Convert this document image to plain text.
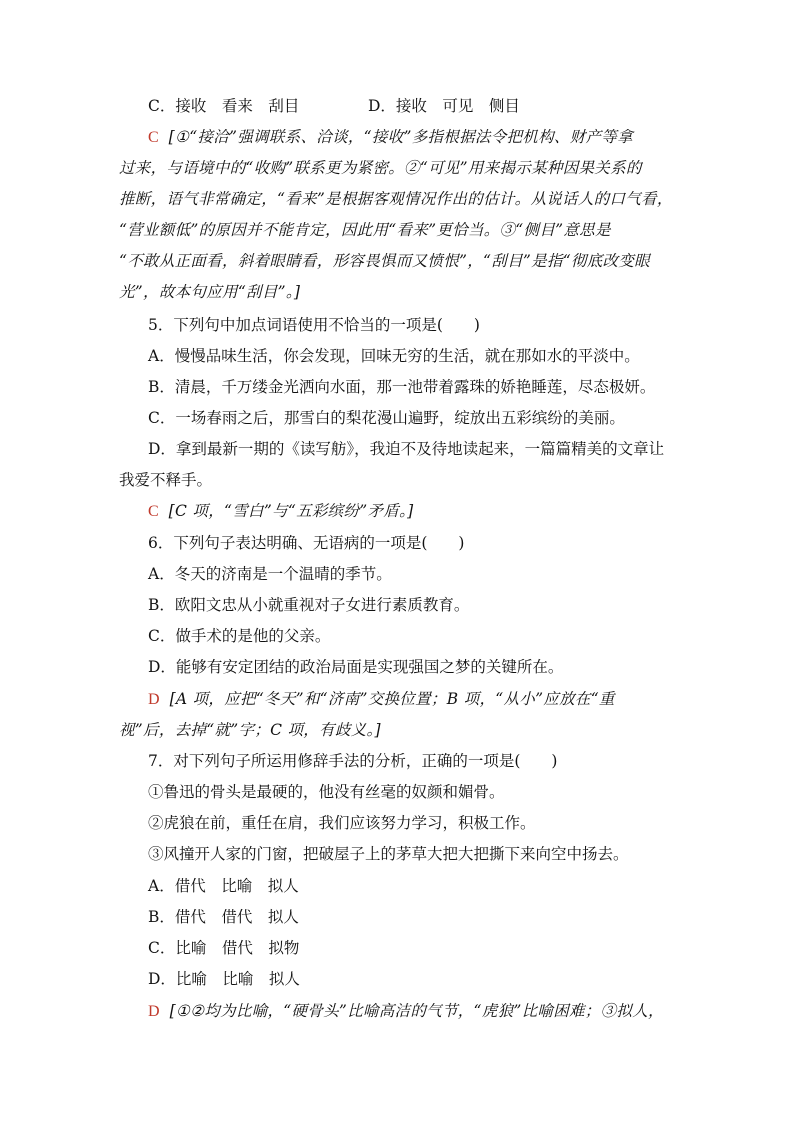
C．接收　看来　刮目	D．接收　可见　侧目
C [①“接洽”强调联系、洽谈，“接收”多指根据法令把机构、财产等拿
过来，与语境中的“收购”联系更为紧密。②“可见”用来揭示某种因果关系的
推断，语气非常确定，“看来”是根据客观情况作出的估计。从说话人的口气看，
“营业额低”的原因并不能肯定，因此用“看来”更恰当。③“侧目”意思是
“不敢从正面看，斜着眼睛看，形容畏惧而又愤恨”，“刮目”是指“彻底改变眼
光”，故本句应用“刮目”。]
5．下列句中加点词语使用不恰当的一项是(　　)
A．慢慢品味生活，你会发现，回味无穷的生活，就在那如水的平淡中。
B．清晨，千万缕金光洒向水面，那一池带着露珠的娇艳睡莲，尽态极妍。
C．一场春雨之后，那雪白的梨花漫山遍野，绽放出五彩缤纷的美丽。
D．拿到最新一期的《读写舫》，我迫不及待地读起来，一篇篇精美的文章让
我爱不释手。
C [C 项，“雪白”与“五彩缤纷”矛盾。]
6．下列句子表达明确、无语病的一项是(　　)
A．冬天的济南是一个温晴的季节。
B．欧阳文忠从小就重视对子女进行素质教育。
C．做手术的是他的父亲。
D．能够有安定团结的政治局面是实现强国之梦的关键所在。
D [A 项，应把“冬天”和“济南”交换位置；B 项，“从小”应放在“重
视”后，去掉“就”字；C 项，有歧义。]
7．对下列句子所运用修辞手法的分析，正确的一项是(　　)
①鲁迅的骨头是最硬的，他没有丝毫的奴颜和媚骨。
②虎狼在前，重任在肩，我们应该努力学习，积极工作。
③风撞开人家的门窗，把破屋子上的茅草大把大把撕下来向空中扬去。
A．借代　比喻　拟人
B．借代　借代　拟人
C．比喻　借代　拟物
D．比喻　比喻　拟人
D [①②均为比喻，“硬骨头”比喻高洁的气节，“虎狼”比喻困难；③拟人，
